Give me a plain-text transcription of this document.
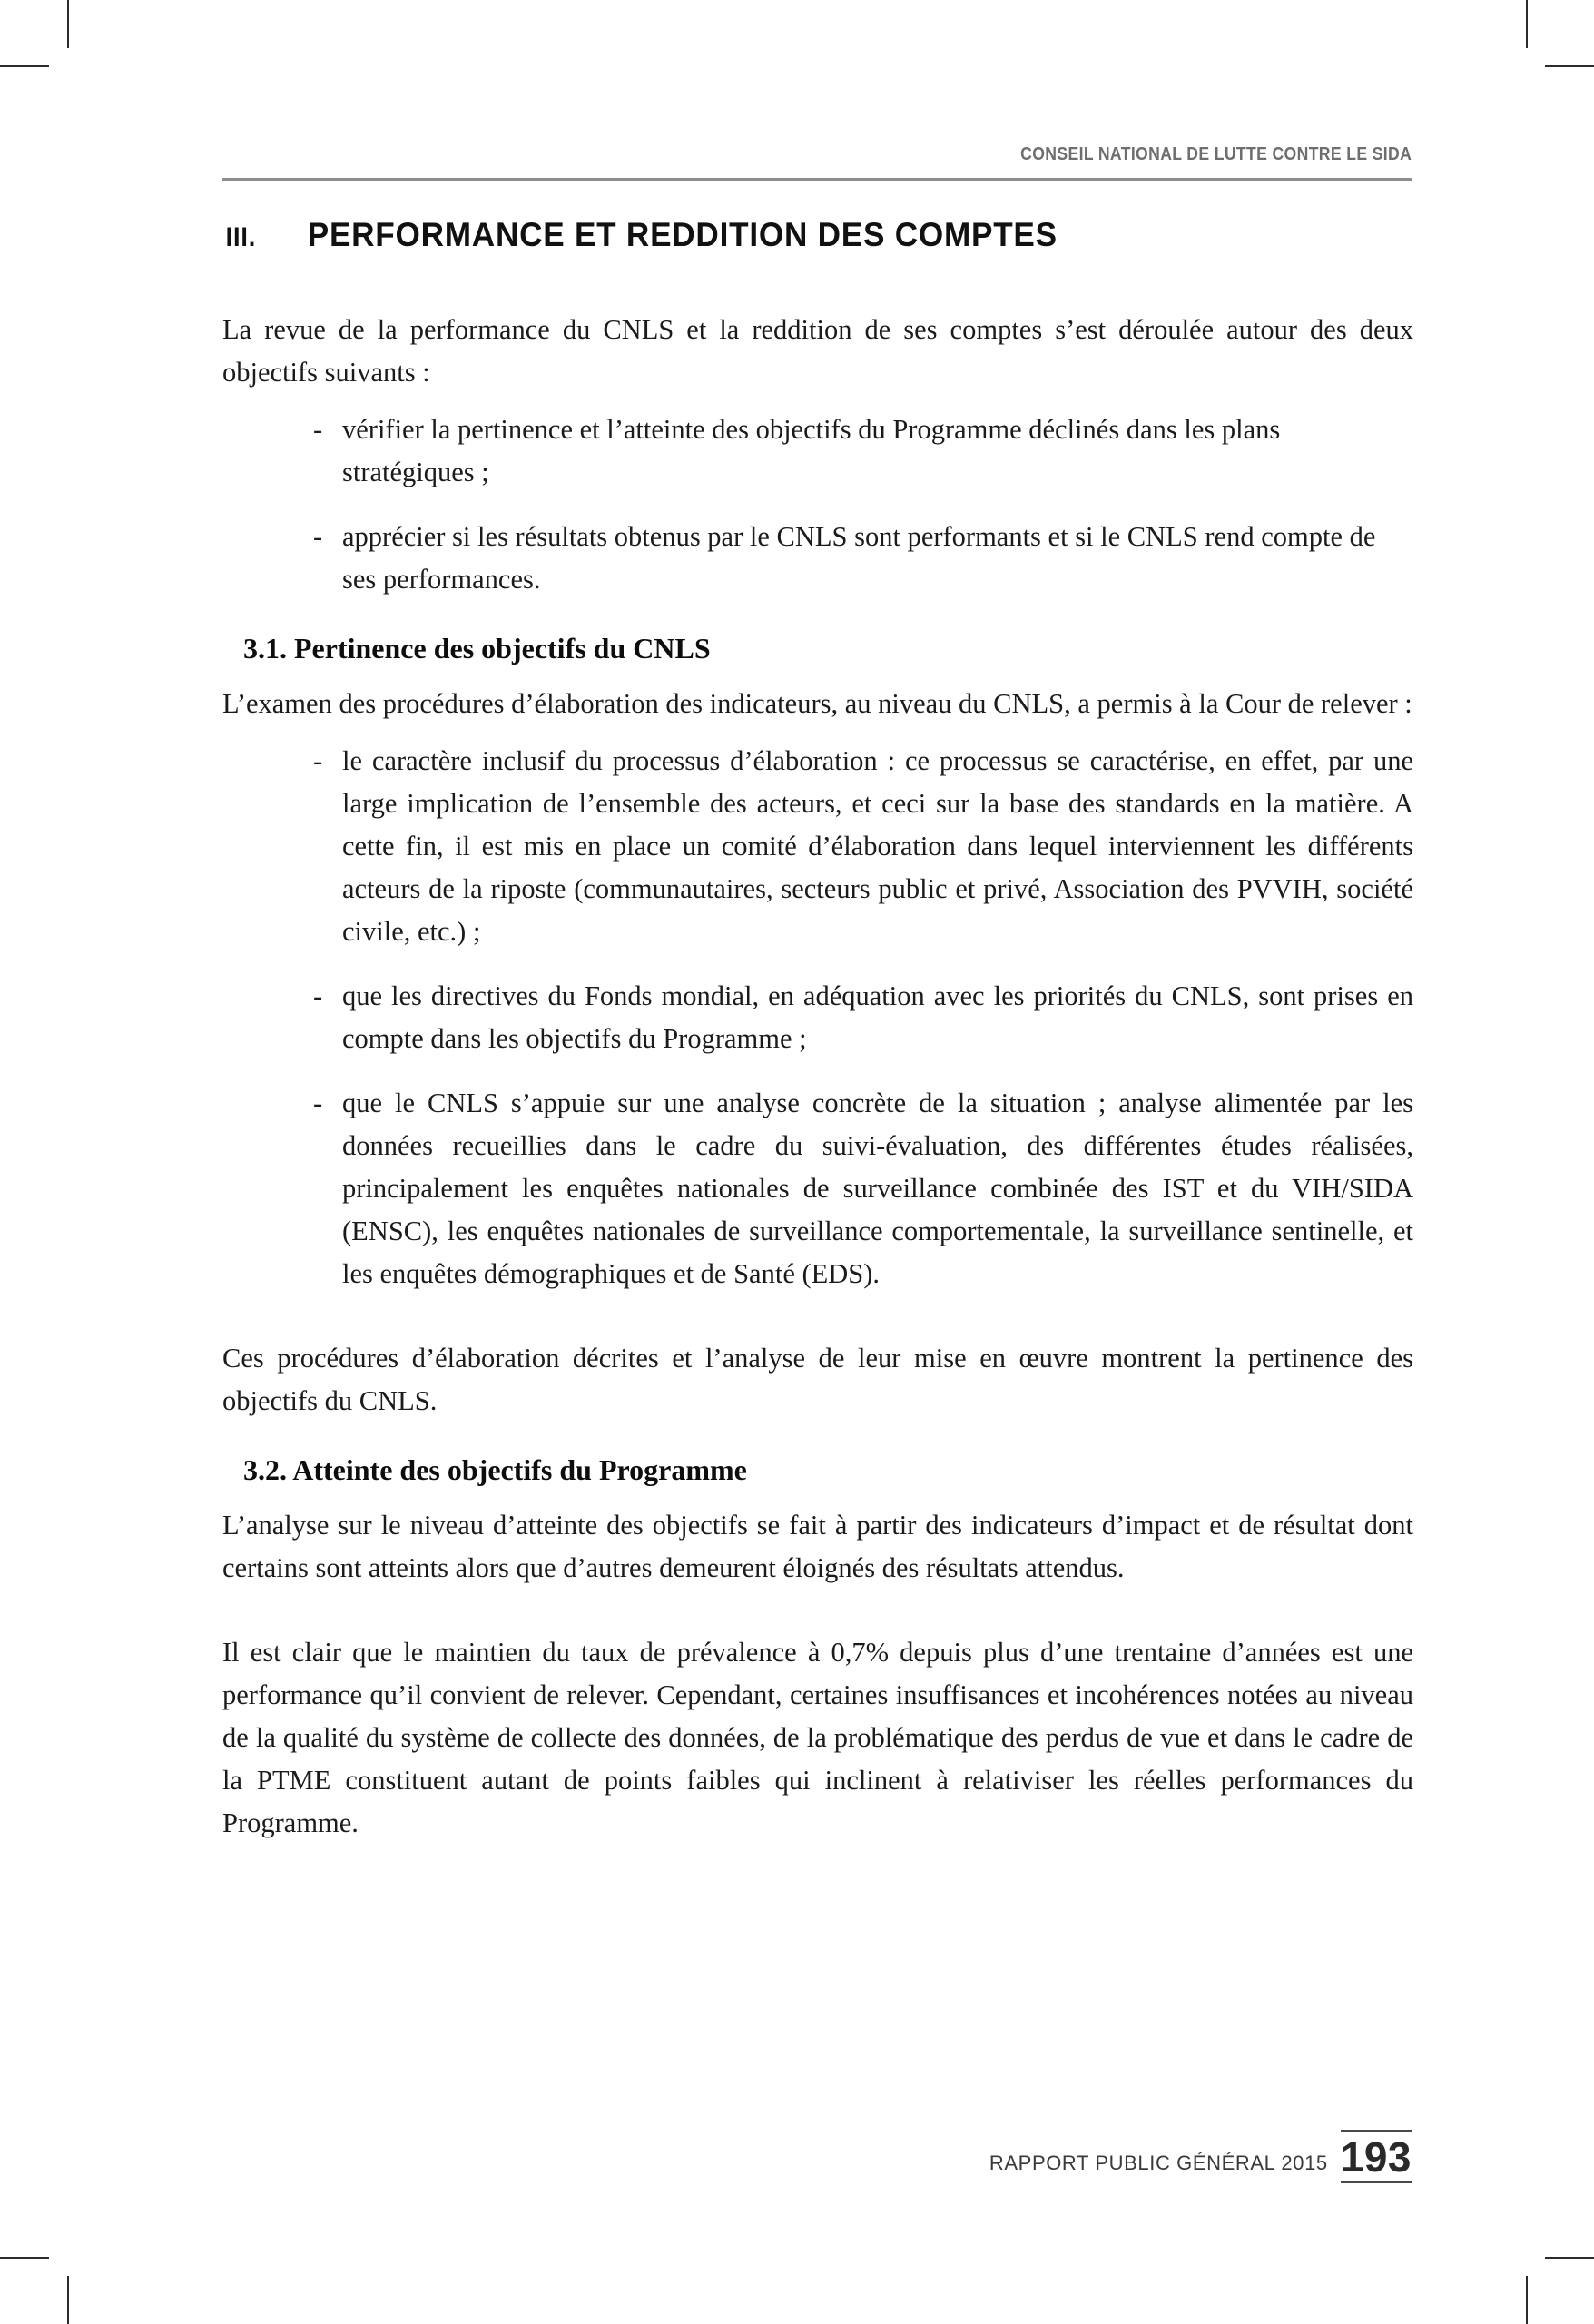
CONSEIL NATIONAL DE LUTTE CONTRE LE SIDA
III.	PERFORMANCE ET REDDITION DES COMPTES

La revue de la performance du CNLS et la reddition de ses comptes s’est déroulée autour des deux objectifs suivants :

- vérifier la pertinence et l’atteinte des objectifs du Programme déclinés dans les plans stratégiques ;
- apprécier si les résultats obtenus par le CNLS sont performants et si le CNLS rend compte de ses performances.
3.1. Pertinence des objectifs du CNLS

L’examen des procédures d’élaboration des indicateurs, au niveau du CNLS, a permis à la Cour de relever :

- le caractère inclusif du processus d’élaboration : ce processus se caractérise, en effet, par une large implication de l’ensemble des acteurs, et ceci sur la base des standards en la matière. A cette fin, il est mis en place un comité d’élaboration dans lequel interviennent les différents acteurs de la riposte (communautaires, secteurs public et privé, Association des PVVIH, société civile, etc.) ;
- que les directives du Fonds mondial, en adéquation avec les priorités du CNLS, sont prises en compte dans les objectifs du Programme ;
- que le CNLS s’appuie sur une analyse concrète de la situation ; analyse alimentée par les données recueillies dans le cadre du suivi-évaluation, des différentes études réalisées, principalement les enquêtes nationales de surveillance combinée des IST et du VIH/SIDA (ENSC), les enquêtes nationales de surveillance comportementale, la surveillance sentinelle, et les enquêtes démographiques et de Santé (EDS).

Ces procédures d’élaboration décrites et l’analyse de leur mise en œuvre montrent la pertinence des objectifs du CNLS.

3.2. Atteinte des objectifs du Programme

L’analyse sur le niveau d’atteinte des objectifs se fait à partir des indicateurs d’impact et de résultat dont certains sont atteints alors que d’autres demeurent éloignés des résultats attendus.

Il est clair que le maintien du taux de prévalence à 0,7% depuis plus d’une trentaine d’années est une performance qu’il convient de relever. Cependant, certaines insuffisances et incohérences notées au niveau de la qualité du système de collecte des données, de la problématique des perdus de vue et dans le cadre de la PTME constituent autant de points faibles qui inclinent à relativiser les réelles performances du Programme.

RAPPORT PUBLIC GÉNÉRAL 2015 193
